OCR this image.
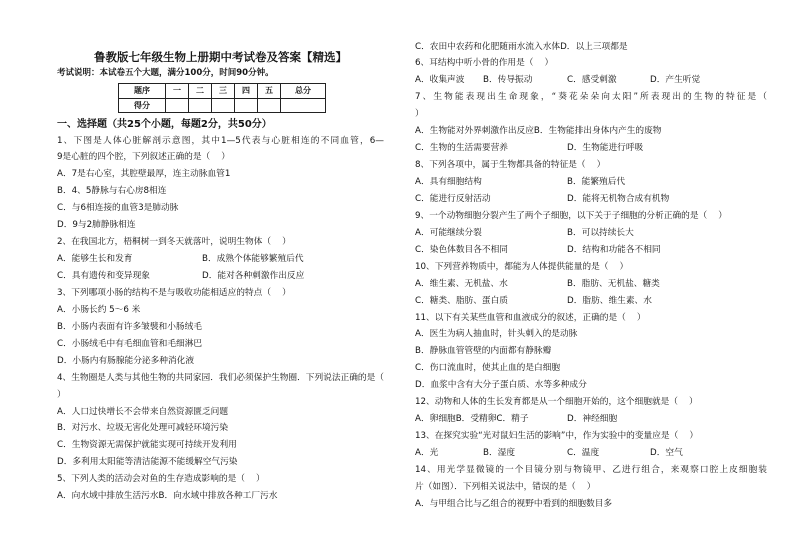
鲁教版七年级生物上册期中考试卷及答案【精选】
考试说明：本试卷五个大题，满分100分，时间90分钟。
题序	一	二	三	四	五	总分
得分						
一、选择题（共25个小题，每题2分，共50分）
1、下图是人体心脏解剖示意图，其中1—5代表与心脏相连的不同血管，6—
9是心脏的四个腔，下列叙述正确的是（    ）
A．7是右心室，其腔壁最厚，连主动脉血管1
B．4、5静脉与右心房8相连
C．与6相连接的血管3是肺动脉
D．9与2肺静脉相连
2、在我国北方，梧桐树一到冬天就落叶，说明生物体（    ）
A．能够生长和发育	B．成熟个体能够繁殖后代
C．具有遗传和变异现象	D．能对各种刺激作出反应
3、下列哪项小肠的结构不是与吸收功能相适应的特点（    ）
A．小肠长约 5～6 米
B．小肠内表面有许多皱襞和小肠绒毛
C．小肠绒毛中有毛细血管和毛细淋巴
D．小肠内有肠腺能分泌多种消化液
4、生物圈是人类与其他生物的共同家园．我们必须保护生物圈．下列说法正确的是（
）
A．人口过快增长不会带来自然资源匮乏问题
B．对污水、垃圾无害化处理可减轻环境污染
C．生物资源无需保护就能实现可持续开发利用
D．多利用太阳能等清洁能源不能缓解空气污染
5、下列人类的活动会对鱼的生存造成影响的是（    ）
A．向水域中排放生活污水B．向水域中排放各种工厂污水
C．农田中农药和化肥随雨水流入水体D．以上三项都是
6、耳结构中听小骨的作用是（    ）
A．收集声波 B．传导振动	C．感受刺激	D．产生听觉
7、生物能表现出生命现象，“葵花朵朵向太阳”所表现出的生物的特征是（
）
A．生物能对外界刺激作出反应B．生物能排出身体内产生的废物
C．生物的生活需要营养	D．生物能进行呼吸
8、下列各项中，属于生物都具备的特征是（    ）
A．具有细胞结构	B．能繁殖后代
C．能进行反射活动	D．能将无机物合成有机物
9、一个动物细胞分裂产生了两个子细胞，以下关于子细胞的分析正确的是（    ）
A．可能继续分裂	B．可以持续长大
C．染色体数目各不相同	D．结构和功能各不相同
10、下列营养物质中，都能为人体提供能量的是（    ）
A．维生素、无机盐、水	B．脂肪、无机盐、糖类
C．糖类、脂肪、蛋白质	D．脂肪、维生素、水
11、以下有关某些血管和血液成分的叙述，正确的是（    ）
A．医生为病人抽血时，针头刺入的是动脉
B．静脉血管管壁的内面都有静脉瓣
C．伤口流血时，使其止血的是白细胞
D．血浆中含有大分子蛋白质、水等多种成分
12、动物和人体的生长发育都是从一个细胞开始的，这个细胞就是（    ）
A．卵细胞B．受精卵C．精子	D．神经细胞
13、在探究实验“光对鼠妇生活的影响”中，作为实验中的变量应是（    ）
A．光	B．湿度	C．温度	D．空气
14、用光学显微镜的一个目镜分别与物镜甲、乙进行组合，来观察口腔上皮细胞装
片（如图）．下列相关说法中，错误的是（    ）
A．与甲组合比与乙组合的视野中看到的细胞数目多
